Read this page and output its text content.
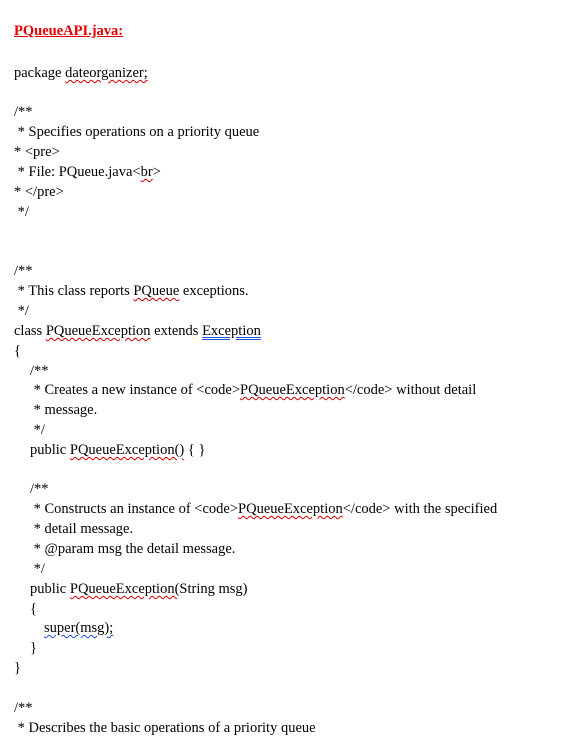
PQueueAPI.java:
package dateorganizer;
/**
* Specifies operations on a priority queue
* <pre>
* File: PQueue.java<br>
* </pre>
*/
/**
* This class reports PQueue exceptions.
*/
class PQueueException extends Exception
{
/**
* Creates a new instance of <code>PQueueException</code> without detail
* message.
*/
public PQueueException() { }
/**
* Constructs an instance of <code>PQueueException</code> with the specified
* detail message.
* @param msg the detail message.
*/
public PQueueException(String msg)
{
super(msg);
}
}
/**
* Describes the basic operations of a priority queue
